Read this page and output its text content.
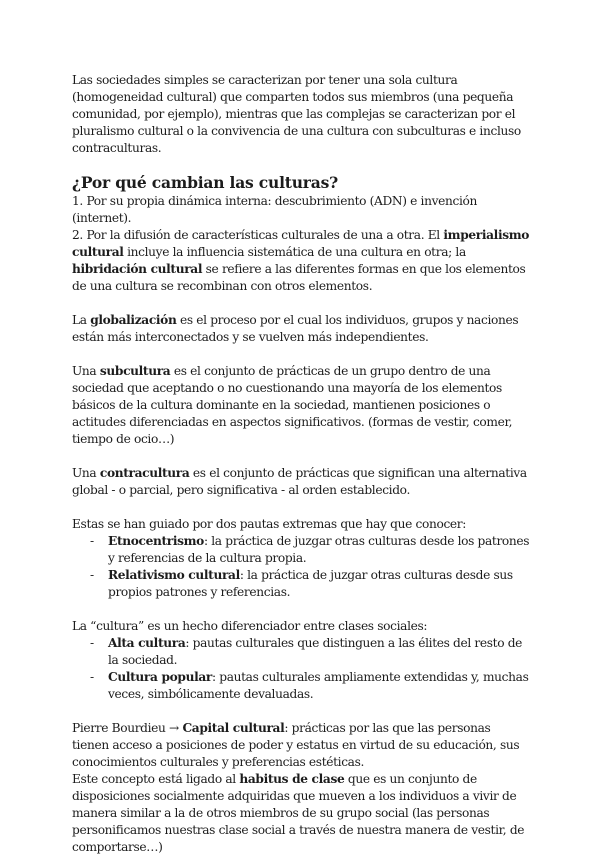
Las sociedades simples se caracterizan por tener una sola cultura (homogeneidad cultural) que comparten todos sus miembros (una pequeña comunidad, por ejemplo), mientras que las complejas se caracterizan por el pluralismo cultural o la convivencia de una cultura con subculturas e incluso contraculturas.

¿Por qué cambian las culturas?

1. Por su propia dinámica interna: descubrimiento (ADN) e invención (internet).

2. Por la difusión de características culturales de una a otra. El imperialismo cultural incluye la influencia sistemática de una cultura en otra; la hibridación cultural se refiere a las diferentes formas en que los elementos de una cultura se recombinan con otros elementos.

La globalización es el proceso por el cual los individuos, grupos y naciones están más interconectados y se vuelven más independientes.

Una subcultura es el conjunto de prácticas de un grupo dentro de una sociedad que aceptando o no cuestionando una mayoría de los elementos básicos de la cultura dominante en la sociedad, mantienen posiciones o actitudes diferenciadas en aspectos significativos. (formas de vestir, comer, tiempo de ocio…)

Una contracultura es el conjunto de prácticas que significan una alternativa global - o parcial, pero significativa - al orden establecido.

Estas se han guiado por dos pautas extremas que hay que conocer:

- Etnocentrismo: la práctica de juzgar otras culturas desde los patrones y referencias de la cultura propia.
- Relativismo cultural: la práctica de juzgar otras culturas desde sus propios patrones y referencias.

La “cultura” es un hecho diferenciador entre clases sociales:

- Alta cultura: pautas culturales que distinguen a las élites del resto de la sociedad.
- Cultura popular: pautas culturales ampliamente extendidas y, muchas veces, simbólicamente devaluadas.

Pierre Bourdieu → Capital cultural: prácticas por las que las personas tienen acceso a posiciones de poder y estatus en virtud de su educación, sus conocimientos culturales y preferencias estéticas.

Este concepto está ligado al habitus de clase que es un conjunto de disposiciones socialmente adquiridas que mueven a los individuos a vivir de manera similar a la de otros miembros de su grupo social (las personas personificamos nuestras clase social a través de nuestra manera de vestir, de comportarse…)
